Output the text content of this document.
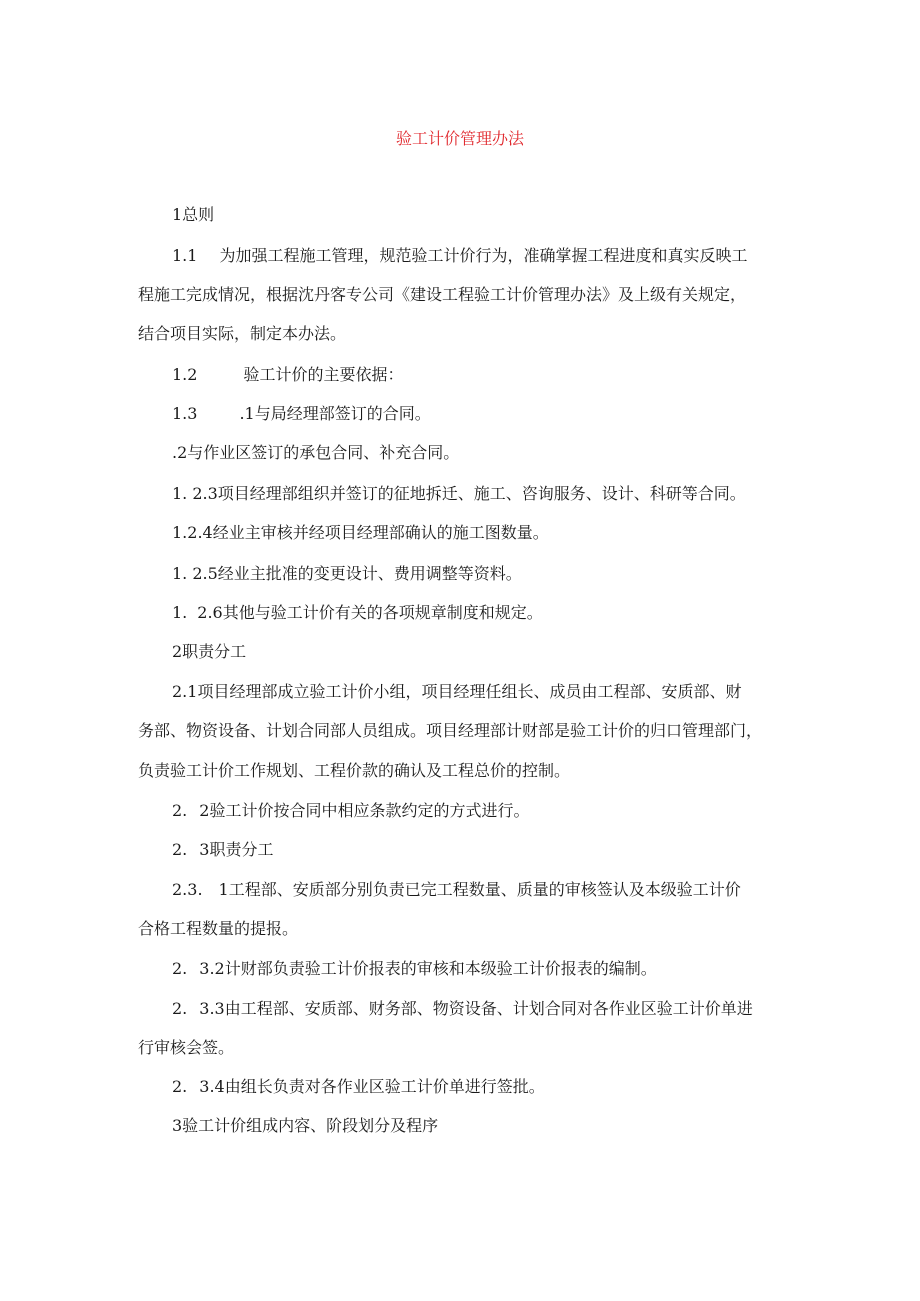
验工计价管理办法
1总则
1.1 为加强工程施工管理，规范验工计价行为，准确掌握工程进度和真实反映工
程施工完成情况，根据沈丹客专公司《建设工程验工计价管理办法》及上级有关规定，
结合项目实际，制定本办法。
1.2	验工计价的主要依据：
1.3	.1与局经理部签订的合同。
.2与作业区签订的承包合同、补充合同。
1. 2.3项目经理部组织并签订的征地拆迁、施工、咨询服务、设计、科研等合同。
1.2.4经业主审核并经项目经理部确认的施工图数量。
1. 2.5经业主批准的变更设计、费用调整等资料。
1. 2.6其他与验工计价有关的各项规章制度和规定。
2职责分工
2.1项目经理部成立验工计价小组，项目经理任组长、成员由工程部、安质部、财
务部、物资设备、计划合同部人员组成。项目经理部计财部是验工计价的归口管理部门，
负责验工计价工作规划、工程价款的确认及工程总价的控制。
2. 2验工计价按合同中相应条款约定的方式进行。
2. 3职责分工
2.3. 1工程部、安质部分别负责已完工程数量、质量的审核签认及本级验工计价
合格工程数量的提报。
2. 3.2计财部负责验工计价报表的审核和本级验工计价报表的编制。
2. 3.3由工程部、安质部、财务部、物资设备、计划合同对各作业区验工计价单进
行审核会签。
2. 3.4由组长负责对各作业区验工计价单进行签批。
3验工计价组成内容、阶段划分及程序
